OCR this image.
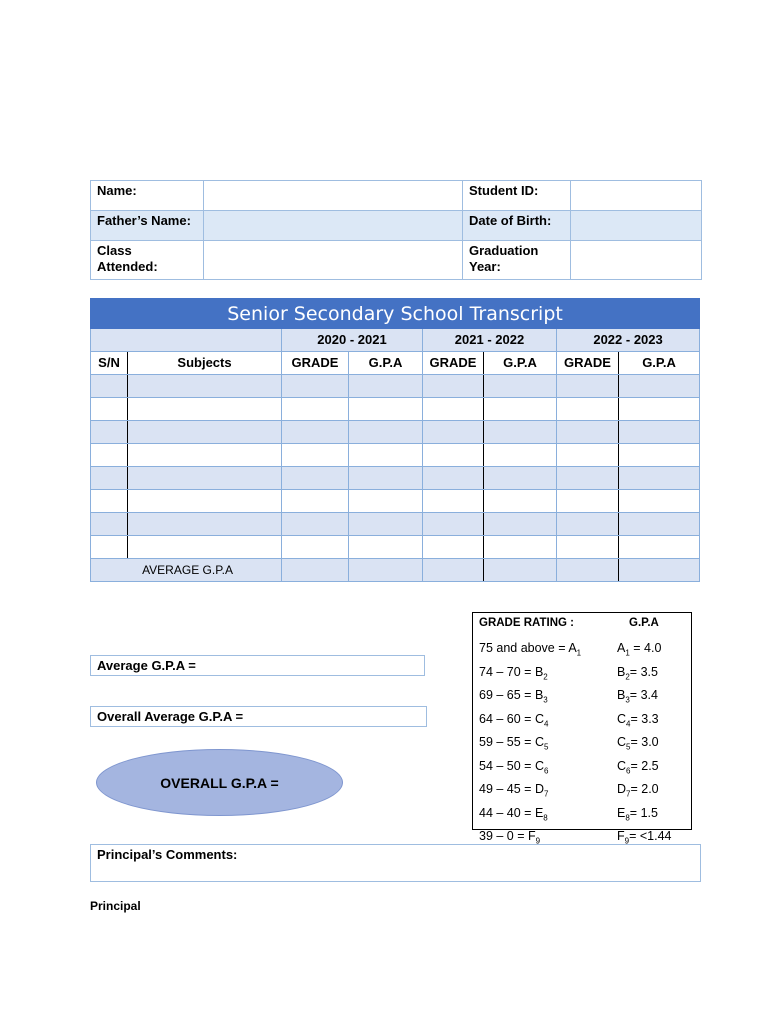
Name:		Student ID:	
Father’s Name:		Date of Birth:	
Class
Attended:		Graduation
Year:	
Senior Secondary School Transcript							
		2020 - 2021		2021 - 2022		2022 - 2023	
S/N	Subjects	GRADE	G.P.A	GRADE	G.P.A	GRADE	G.P.A

AVERAGE G.P.A							
GRADE RATING :	G.P.A
75 and above = $A_1$	$A_1 = 4.0$
$74 - 70 = B_2$	$B_2= 3.5$
$69 - 65 = B_3$	$B_3= 3.4$
$64 - 60 = C_4$	$C_4= 3.3$
$59 - 55 = C_5$	$C_5= 3.0$
$54 - 50 = C_6$	$C_6= 2.5$
$49 - 45 = D_7$	$D_7= 2.0$
$44 - 40 = E_8$	$E_8= 1.5$
$39 - 0 = F_9$	$F_9= <1.44$
Average G.P.A =
Overall Average G.P.A =
OVERALL G.P.A =
Principal’s Comments:
Principal
